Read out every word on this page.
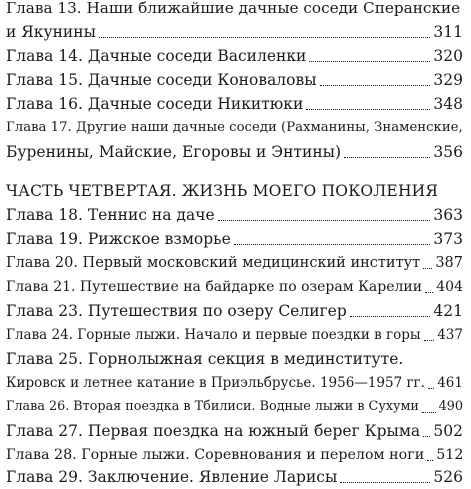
Глава 13. Наши ближайшие дачные соседи Сперанские
и Якунины	311
Глава 14. Дачные соседи Василенки	320
Глава 15. Дачные соседи Коноваловы	329
Глава 16. Дачные соседи Никитюки	348
Глава 17. Другие наши дачные соседи (Рахманины, Знаменские,
Буренины, Майские, Егоровы и Энтины)	356
ЧАСТЬ ЧЕТВЕРТАЯ. ЖИЗНЬ МОЕГО ПОКОЛЕНИЯ
Глава 18. Теннис на даче	363
Глава 19. Рижское взморье	373
Глава 20. Первый московский медицинский институт 387
Глава 21. Путешествие на байдарке по озерам Карелии 404
Глава 23. Путешествия по озеру Селигер	421
Глава 24. Горные лыжи. Начало и первые поездки в горы 437
Глава 25. Горнолыжная секция в мединституте.
Кировск и летнее катание в Приэльбрусье. 1956—1957 гг. 461
Глава 26. Вторая поездка в Тбилиси. Водные лыжи в Сухуми 490
Глава 27. Первая поездка на южный берег Крыма 502
Глава 28. Горные лыжи. Соревнования и перелом ноги 512
Глава 29. Заключение. Явление Ларисы	526
